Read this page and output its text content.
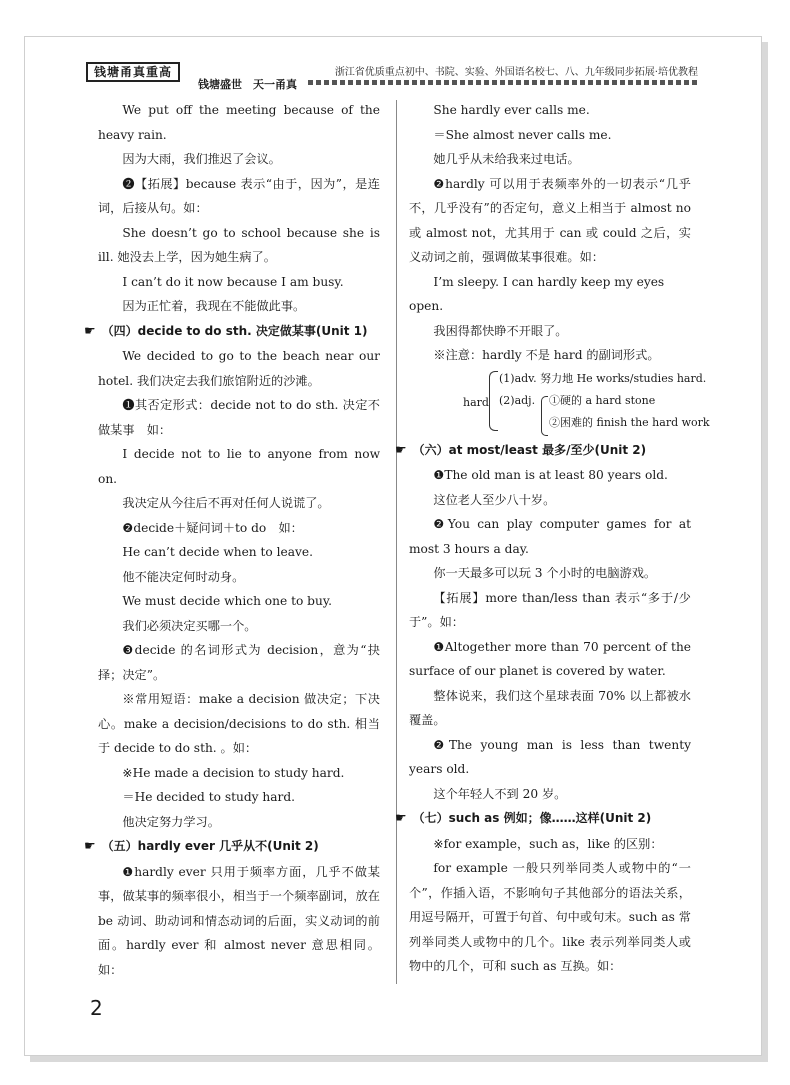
钱塘甬真重高
钱塘盛世　天一甬真
浙江省优质重点初中、书院、实验、外国语名校七、八、九年级同步拓展·培优教程

We put off the meeting because of the heavy rain.

因为大雨，我们推迟了会议。

❷【拓展】because 表示“由于，因为”，是连词，后接从句。如：

She doesn’t go to school because she is ill. 她没去上学，因为她生病了。

I can’t do it now because I am busy.

因为正忙着，我现在不能做此事。

☛ （四）decide to do sth. 决定做某事(Unit 1)

We decided to go to the beach near our hotel. 我们决定去我们旅馆附近的沙滩。

❶其否定形式：decide not to do sth. 决定不做某事　如：

I decide not to lie to anyone from now on.

我决定从今往后不再对任何人说谎了。

❷decide＋疑问词＋to do　如：

He can’t decide when to leave.

他不能决定何时动身。

We must decide which one to buy.

我们必须决定买哪一个。

❸decide 的名词形式为 decision，意为“抉择；决定”。

※常用短语：make a decision 做决定；下决心。make a decision/decisions to do sth. 相当于 decide to do sth. 。如：

※He made a decision to study hard.

＝He decided to study hard.

他决定努力学习。

☛ （五）hardly ever 几乎从不(Unit 2)

❶hardly ever 只用于频率方面，几乎不做某事，做某事的频率很小，相当于一个频率副词，放在 be 动词、助动词和情态动词的后面，实义动词的前面。hardly ever 和 almost never 意思相同。如：

She hardly ever calls me.

＝She almost never calls me.

她几乎从未给我来过电话。

❷hardly 可以用于表频率外的一切表示“几乎不，几乎没有”的否定句，意义上相当于 almost no 或 almost not，尤其用于 can 或 could 之后，实义动词之前，强调做某事很难。如：

I’m sleepy. I can hardly keep my eyes open.

我困得都快睁不开眼了。

※注意：hardly 不是 hard 的副词形式。

hard
(1)adv. 努力地 He works/studies hard.
(2)adj. ①硬的 a hard stone
②困难的 finish the hard work

☛ （六）at most/least 最多/至少(Unit 2)

❶The old man is at least 80 years old.

这位老人至少八十岁。

❷You can play computer games for at most 3 hours a day.

你一天最多可以玩 3 个小时的电脑游戏。

【拓展】more than/less than 表示“多于/少于”。如：

❶Altogether more than 70 percent of the surface of our planet is covered by water.

整体说来，我们这个星球表面 70% 以上都被水覆盖。

❷The young man is less than twenty years old.

这个年轻人不到 20 岁。

☛ （七）such as 例如；像……这样(Unit 2)

※for example，such as，like 的区别：

for example 一般只列举同类人或物中的“一个”，作插入语，不影响句子其他部分的语法关系，用逗号隔开，可置于句首、句中或句末。such as 常列举同类人或物中的几个。like 表示列举同类人或物中的几个，可和 such as 互换。如：

2
